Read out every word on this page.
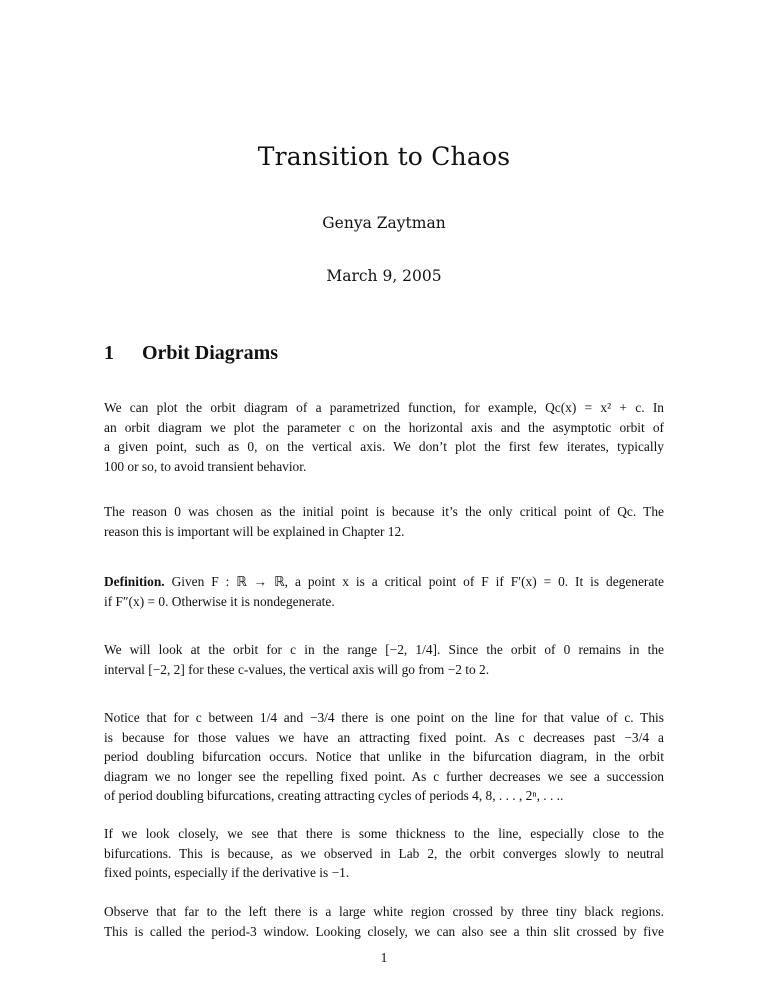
Transition to Chaos
Genya Zaytman
March 9, 2005
1 Orbit Diagrams
We can plot the orbit diagram of a parametrized function, for example, Qc(x) = x² + c. In
an orbit diagram we plot the parameter c on the horizontal axis and the asymptotic orbit of
a given point, such as 0, on the vertical axis. We don’t plot the first few iterates, typically
100 or so, to avoid transient behavior.
The reason 0 was chosen as the initial point is because it’s the only critical point of Qc. The
reason this is important will be explained in Chapter 12.
Definition. Given F : ℝ → ℝ, a point x is a critical point of F if F′(x) = 0. It is degenerate
if F″(x) = 0. Otherwise it is nondegenerate.
We will look at the orbit for c in the range [−2, 1/4]. Since the orbit of 0 remains in the
interval [−2, 2] for these c-values, the vertical axis will go from −2 to 2.
Notice that for c between 1/4 and −3/4 there is one point on the line for that value of c. This
is because for those values we have an attracting fixed point. As c decreases past −3/4 a
period doubling bifurcation occurs. Notice that unlike in the bifurcation diagram, in the orbit
diagram we no longer see the repelling fixed point. As c further decreases we see a succession
of period doubling bifurcations, creating attracting cycles of periods 4, 8, . . . , 2ⁿ, . . ..
If we look closely, we see that there is some thickness to the line, especially close to the
bifurcations. This is because, as we observed in Lab 2, the orbit converges slowly to neutral
fixed points, especially if the derivative is −1.
1
Observe that far to the left there is a large white region crossed by three tiny black regions.
This is called the period-3 window. Looking closely, we can also see a thin slit crossed by five
